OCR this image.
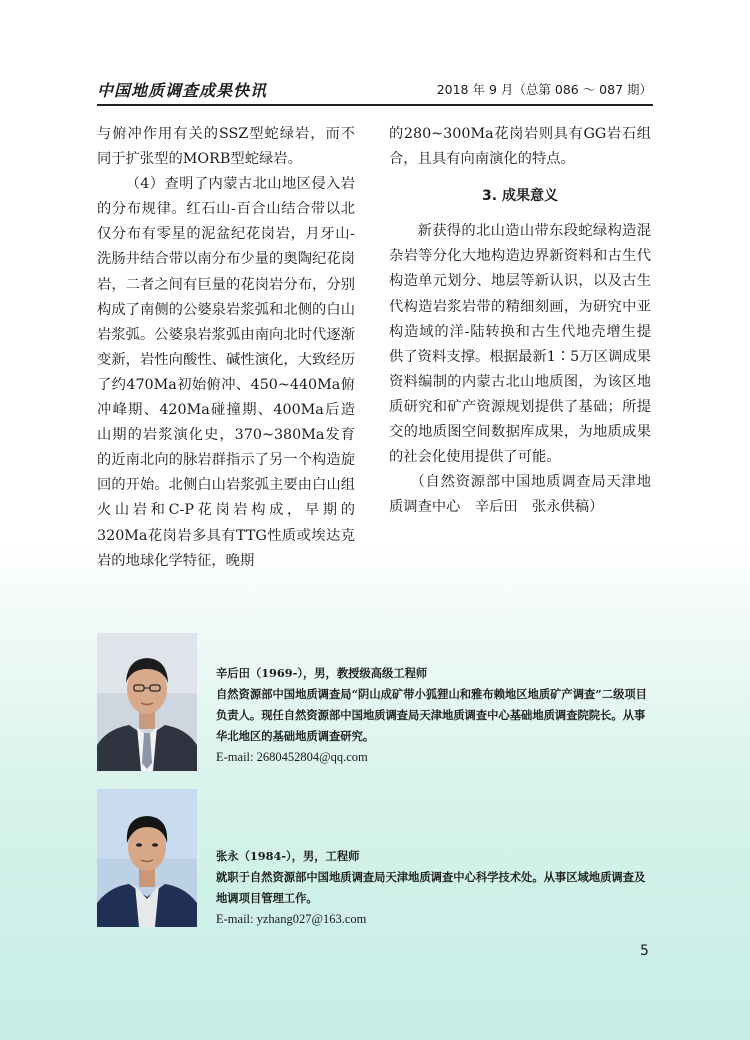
中国地质调查成果快讯	2018 年 9 月（总第 086 ～ 087 期）

与俯冲作用有关的SSZ型蛇绿岩，而不同于扩张型的MORB型蛇绿岩。

（4）查明了内蒙古北山地区侵入岩的分布规律。红石山-百合山结合带以北仅分布有零星的泥盆纪花岗岩，月牙山-洗肠井结合带以南分布少量的奥陶纪花岗岩，二者之间有巨量的花岗岩分布，分别构成了南侧的公婆泉岩浆弧和北侧的白山岩浆弧。公婆泉岩浆弧由南向北时代逐渐变新，岩性向酸性、碱性演化，大致经历了约470Ma初始俯冲、450~440Ma俯冲峰期、420Ma碰撞期、400Ma后造山期的岩浆演化史，370~380Ma发育的近南北向的脉岩群指示了另一个构造旋回的开始。北侧白山岩浆弧主要由白山组火山岩和C-P花岗岩构成，早期的320Ma花岗岩多具有TTG性质或埃达克岩的地球化学特征，晚期

的280~300Ma花岗岩则具有GG岩石组合，且具有向南演化的特点。

3. 成果意义

新获得的北山造山带东段蛇绿构造混杂岩等分化大地构造边界新资料和古生代构造单元划分、地层等新认识，以及古生代构造岩浆岩带的精细刻画，为研究中亚构造域的洋-陆转换和古生代地壳增生提供了资料支撑。根据最新1∶5万区调成果资料编制的内蒙古北山地质图，为该区地质研究和矿产资源规划提供了基础；所提交的地质图空间数据库成果，为地质成果的社会化使用提供了可能。

（自然资源部中国地质调查局天津地质调查中心　辛后田　张永供稿）

辛后田（1969-），男，教授级高级工程师

自然资源部中国地质调查局“阴山成矿带小狐狸山和雅布赖地区地质矿产调查”二级项目负责人。现任自然资源部中国地质调查局天津地质调查中心基础地质调查院院长。从事华北地区的基础地质调查研究。

E-mail: 2680452804@qq.com

张永（1984-），男，工程师

就职于自然资源部中国地质调查局天津地质调查中心科学技术处。从事区域地质调查及地调项目管理工作。

E-mail: yzhang027@163.com

5
